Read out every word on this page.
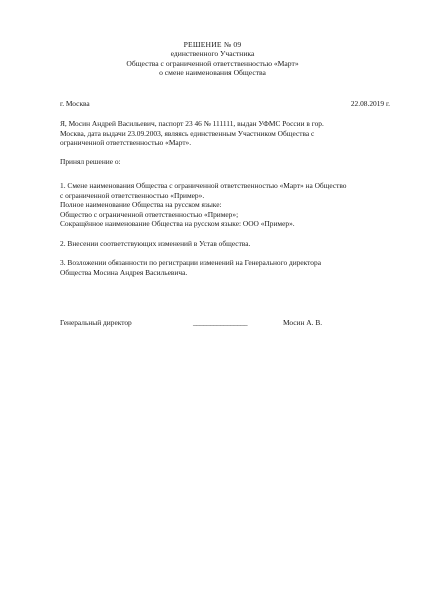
РЕШЕНИЕ № 09
единственного Участника
Общества с ограниченной ответственностью «Март»
о смене наименования Общества
г. Москва	22.08.2019 г.
Я, Мосин Андрей Васильевич, паспорт 23 46 № 111111, выдан УФМС России в гор.
Москва, дата выдачи 23.09.2003, являясь единственным Участником Общества с
ограниченной ответственностью «Март».
Принял решение о:
1. Смене наименования Общества с ограниченной ответственностью «Март» на Общество
с ограниченной ответственностью «Пример».
Полное наименование Общества на русском языке:
Общество с ограниченной ответственностью «Пример»;
Сокращённое наименование Общества на русском языке: ООО «Пример».
2. Внесении соответствующих изменений в Устав общества.
3. Возложении обязанности по регистрации изменений на Генерального директора
Общества Мосина Андрея Васильевича.
Генеральный директор	________________	Мосин А. В.
